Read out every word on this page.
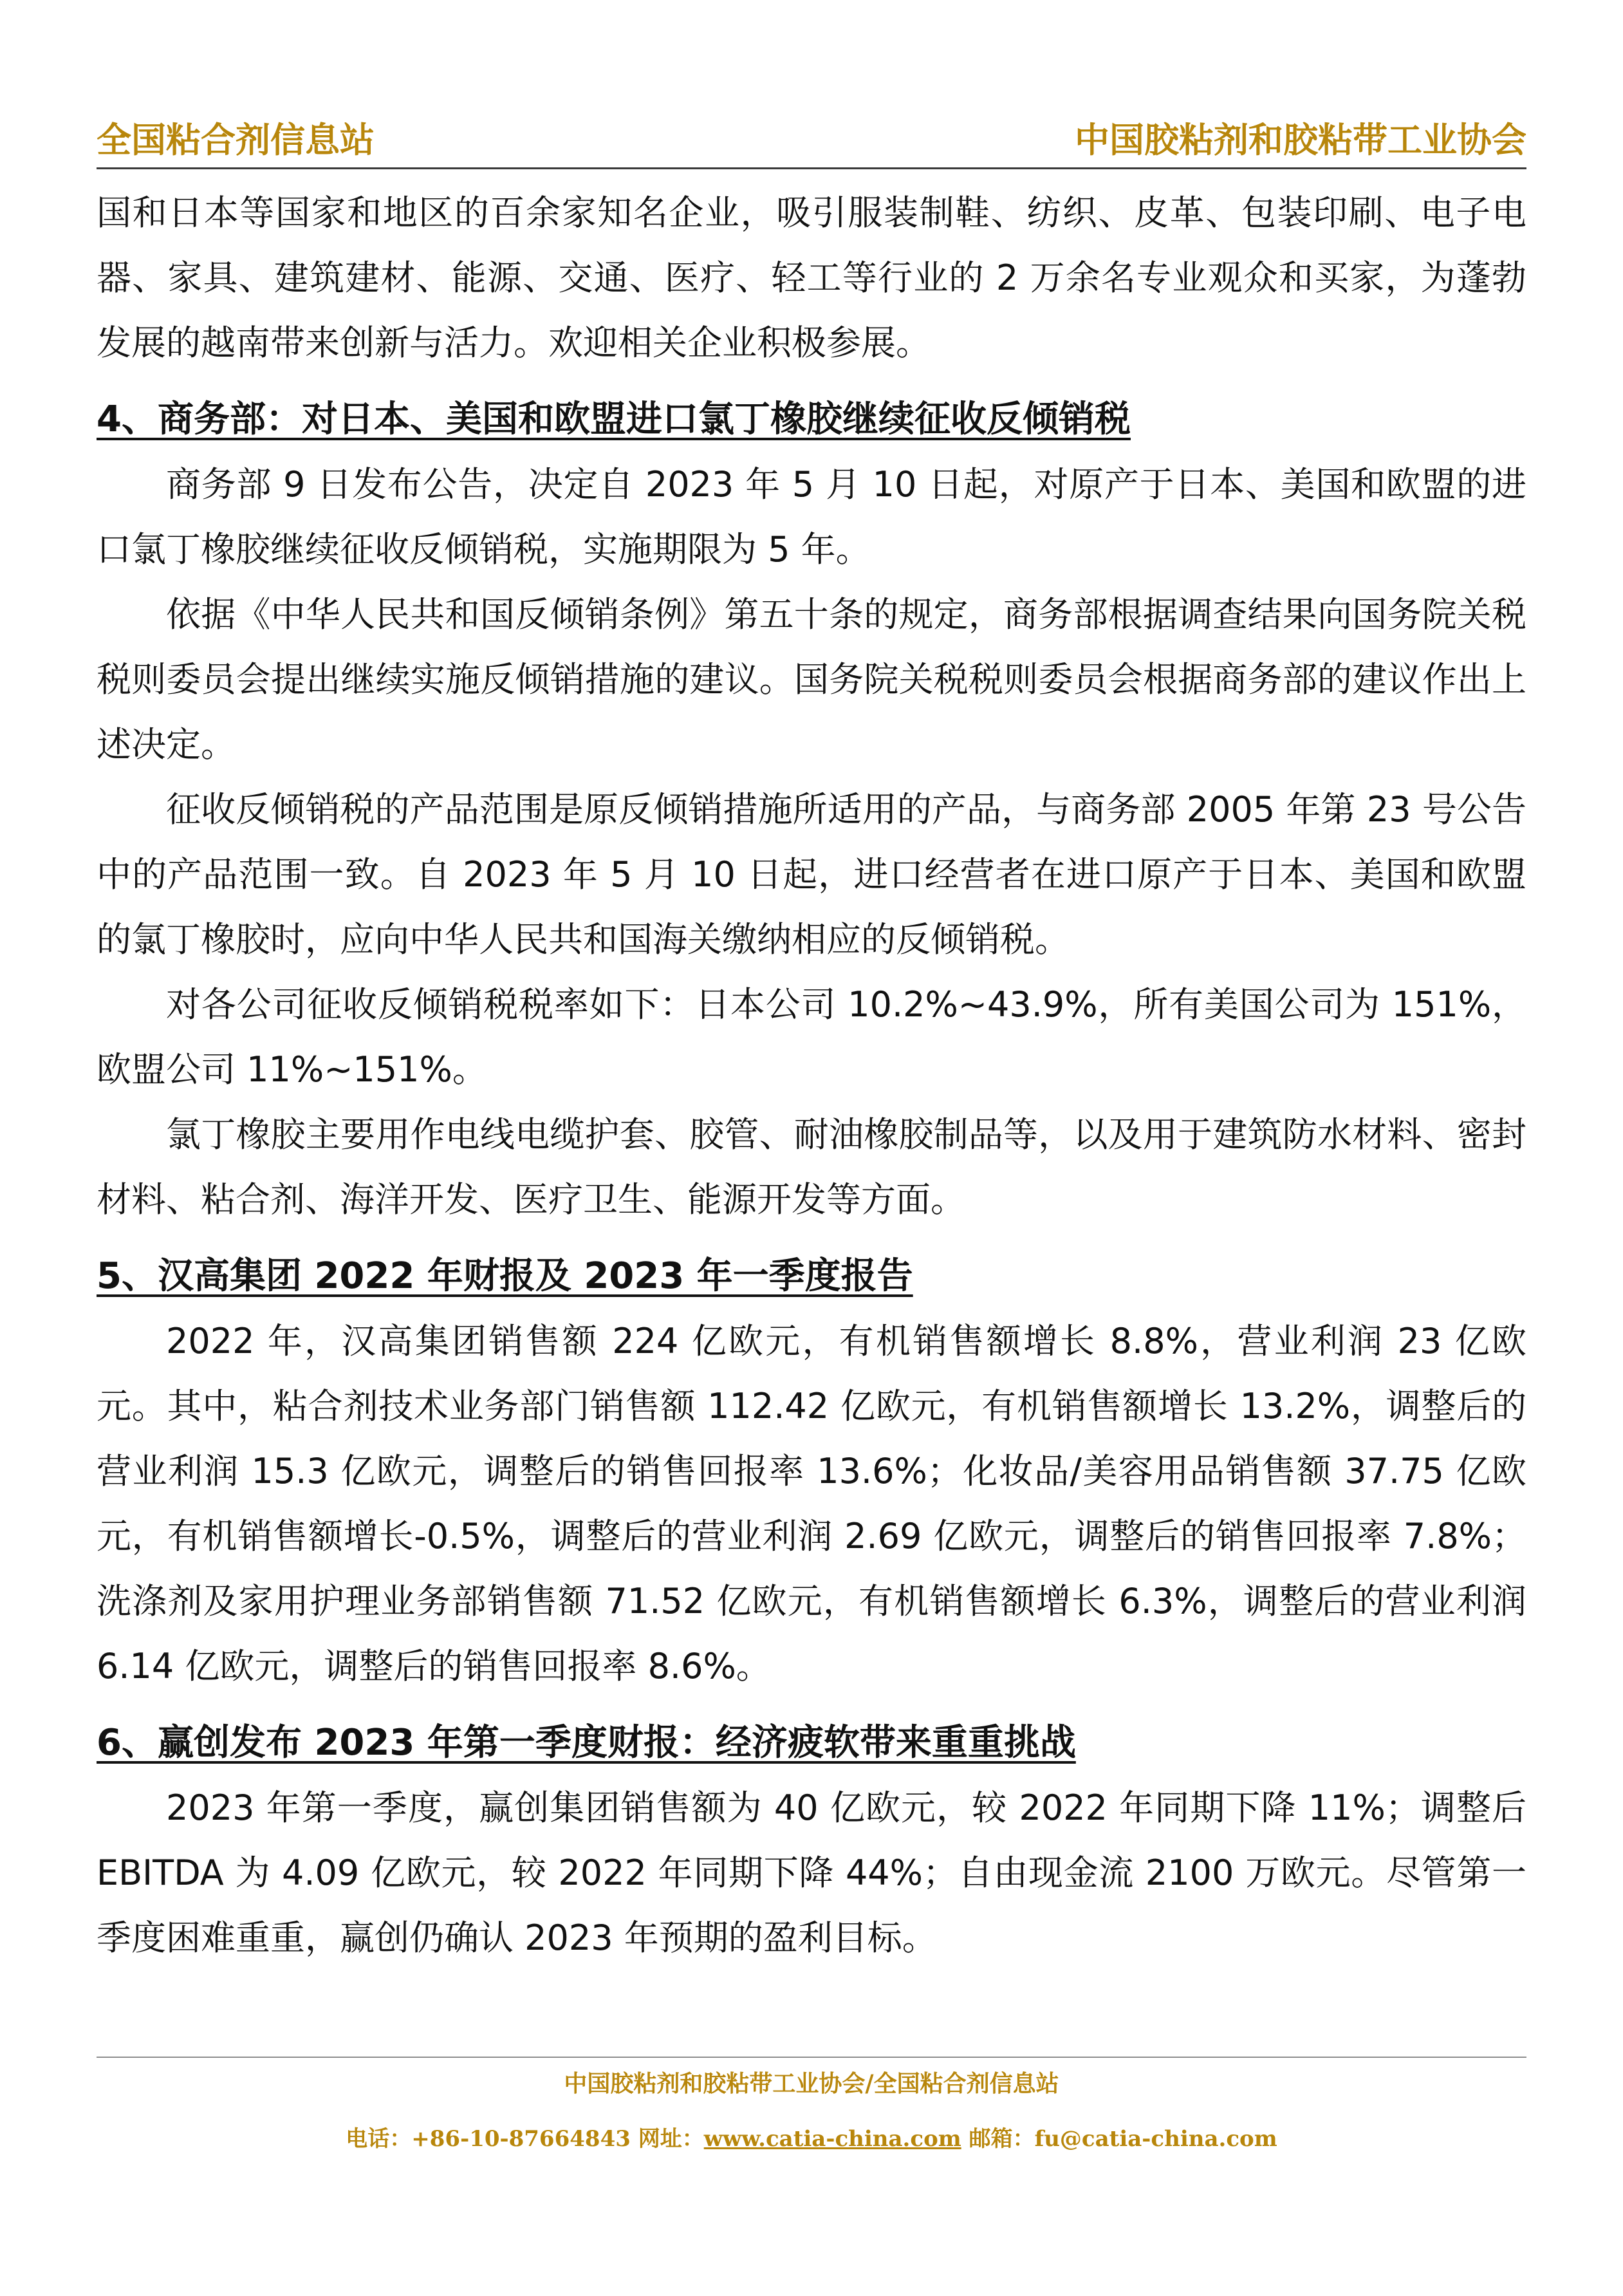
全国粘合剂信息站	中国胶粘剂和胶粘带工业协会

国和日本等国家和地区的百余家知名企业，吸引服装制鞋、纺织、皮革、包装印刷、电子电器、家具、建筑建材、能源、交通、医疗、轻工等行业的 2 万余名专业观众和买家，为蓬勃发展的越南带来创新与活力。欢迎相关企业积极参展。

4、商务部：对日本、美国和欧盟进口氯丁橡胶继续征收反倾销税

商务部 9 日发布公告，决定自 2023 年 5 月 10 日起，对原产于日本、美国和欧盟的进口氯丁橡胶继续征收反倾销税，实施期限为 5 年。

依据《中华人民共和国反倾销条例》第五十条的规定，商务部根据调查结果向国务院关税税则委员会提出继续实施反倾销措施的建议。国务院关税税则委员会根据商务部的建议作出上述决定。

征收反倾销税的产品范围是原反倾销措施所适用的产品，与商务部 2005 年第 23 号公告中的产品范围一致。自 2023 年 5 月 10 日起，进口经营者在进口原产于日本、美国和欧盟的氯丁橡胶时，应向中华人民共和国海关缴纳相应的反倾销税。

对各公司征收反倾销税税率如下：日本公司 10.2%~43.9%，所有美国公司为 151%，欧盟公司 11%~151%。

氯丁橡胶主要用作电线电缆护套、胶管、耐油橡胶制品等，以及用于建筑防水材料、密封材料、粘合剂、海洋开发、医疗卫生、能源开发等方面。

5、汉高集团 2022 年财报及 2023 年一季度报告

2022 年，汉高集团销售额 224 亿欧元，有机销售额增长 8.8%，营业利润 23 亿欧元。其中，粘合剂技术业务部门销售额 112.42 亿欧元，有机销售额增长 13.2%，调整后的营业利润 15.3 亿欧元，调整后的销售回报率 13.6%；化妆品/美容用品销售额 37.75 亿欧元，有机销售额增长-0.5%，调整后的营业利润 2.69 亿欧元，调整后的销售回报率 7.8%；洗涤剂及家用护理业务部销售额 71.52 亿欧元，有机销售额增长 6.3%，调整后的营业利润 6.14 亿欧元，调整后的销售回报率 8.6%。

6、赢创发布 2023 年第一季度财报：经济疲软带来重重挑战

2023 年第一季度，赢创集团销售额为 40 亿欧元，较 2022 年同期下降 11%；调整后 EBITDA 为 4.09 亿欧元，较 2022 年同期下降 44%；自由现金流 2100 万欧元。尽管第一季度困难重重，赢创仍确认 2023 年预期的盈利目标。

中国胶粘剂和胶粘带工业协会/全国粘合剂信息站
电话：+86-10-87664843 网址：www.catia-china.com 邮箱：fu@catia-china.com
